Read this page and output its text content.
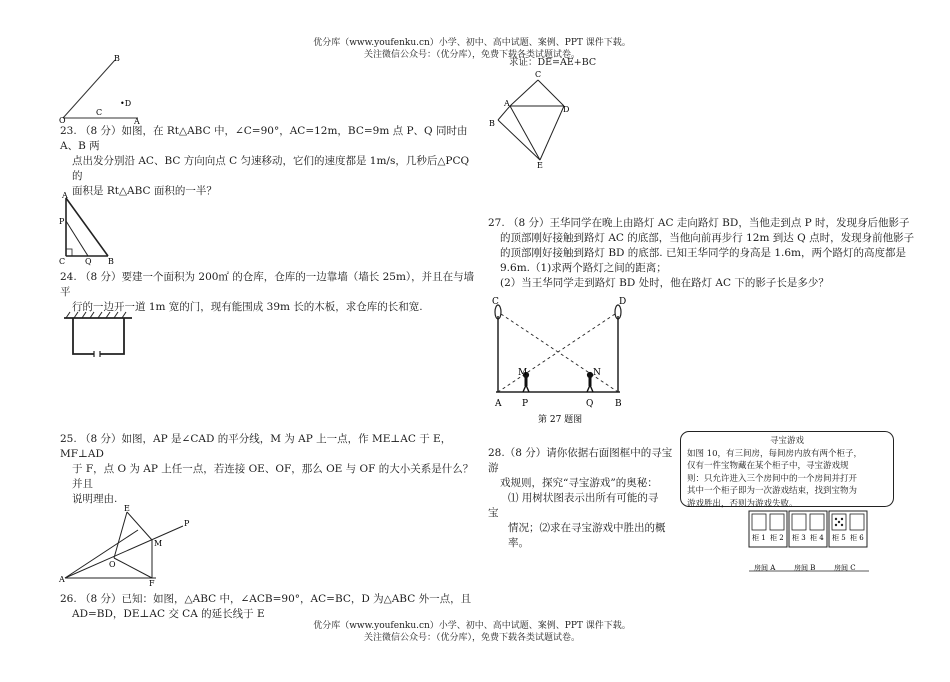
优分库（www.youfenku.cn）小学、初中、高中试题、案例、PPT 课件下载。
关注微信公众号：（优分库），免费下载各类试题试卷。
B
O
C
•D
A
23. （8 分）如图，在 Rt△ABC 中，∠C=90°，AC=12m，BC=9m 点 P、Q 同时由 A、B 两
点出发分别沿 AC、BC 方向向点 C 匀速移动，它们的速度都是 1m/s，几秒后△PCQ 的
面积是 Rt△ABC 面积的一半？
A
P
C Q B
24. （8 分）要建一个面积为 200㎡ 的仓库，仓库的一边靠墙（墙长 25m），并且在与墙平
行的一边开一道 1m 宽的门，现有能围成 39m 长的木板，求仓库的长和宽.
25. （8 分）如图，AP 是∠CAD 的平分线，M 为 AP 上一点，作 ME⊥AC 于 E，MF⊥AD
于 F，点 O 为 AP 上任一点，若连接 OE、OF，那么 OE 与 OF 的大小关系是什么？并且
说明理由.
A
E
M
O
F
P
26. （8 分）已知：如图，△ABC 中，∠ACB=90°，AC=BC，D 为△ABC 外一点，且
AD=BD，DE⊥AC 交 CA 的延长线于 E
求证：DE=AE+BC
C
A
D
B
E
27. （8 分）王华同学在晚上由路灯 AC 走向路灯 BD，当他走到点 P 时，发现身后他影子
的顶部刚好接触到路灯 AC 的底部，当他向前再步行 12m 到达 Q 点时，发现身前他影子
的顶部刚好接触到路灯 BD 的底部. 已知王华同学的身高是 1.6m，两个路灯的高度都是
9.6m.（1)求两个路灯之间的距离；
(2）当王华同学走到路灯 BD 处时，他在路灯 AC 下的影子长是多少？
C	D
M	N
A P	Q B
第 27 题图
28.（8 分）请你依据右面图框中的寻宝
游
戏规则，探究“寻宝游戏”的奥秘：
⑴ 用树状图表示出所有可能的寻
宝
情况；⑵求在寻宝游戏中胜出的概
率。
寻宝游戏
如图 10，有三间房，每间房内放有两个柜子，
仅有一件宝物藏在某个柜子中，寻宝游戏规
则：只允许进入三个房间中的一个房间并打开
其中一个柜子即为一次游戏结束，找到宝物为
游戏胜出，否则为游戏失败。
柜 1 柜 2 柜 3 柜 4 柜 5 柜 6
房间 A	房间 B	房间 C
优分库（www.youfenku.cn）小学、初中、高中试题、案例、PPT 课件下载。
关注微信公众号：（优分库），免费下载各类试题试卷。
